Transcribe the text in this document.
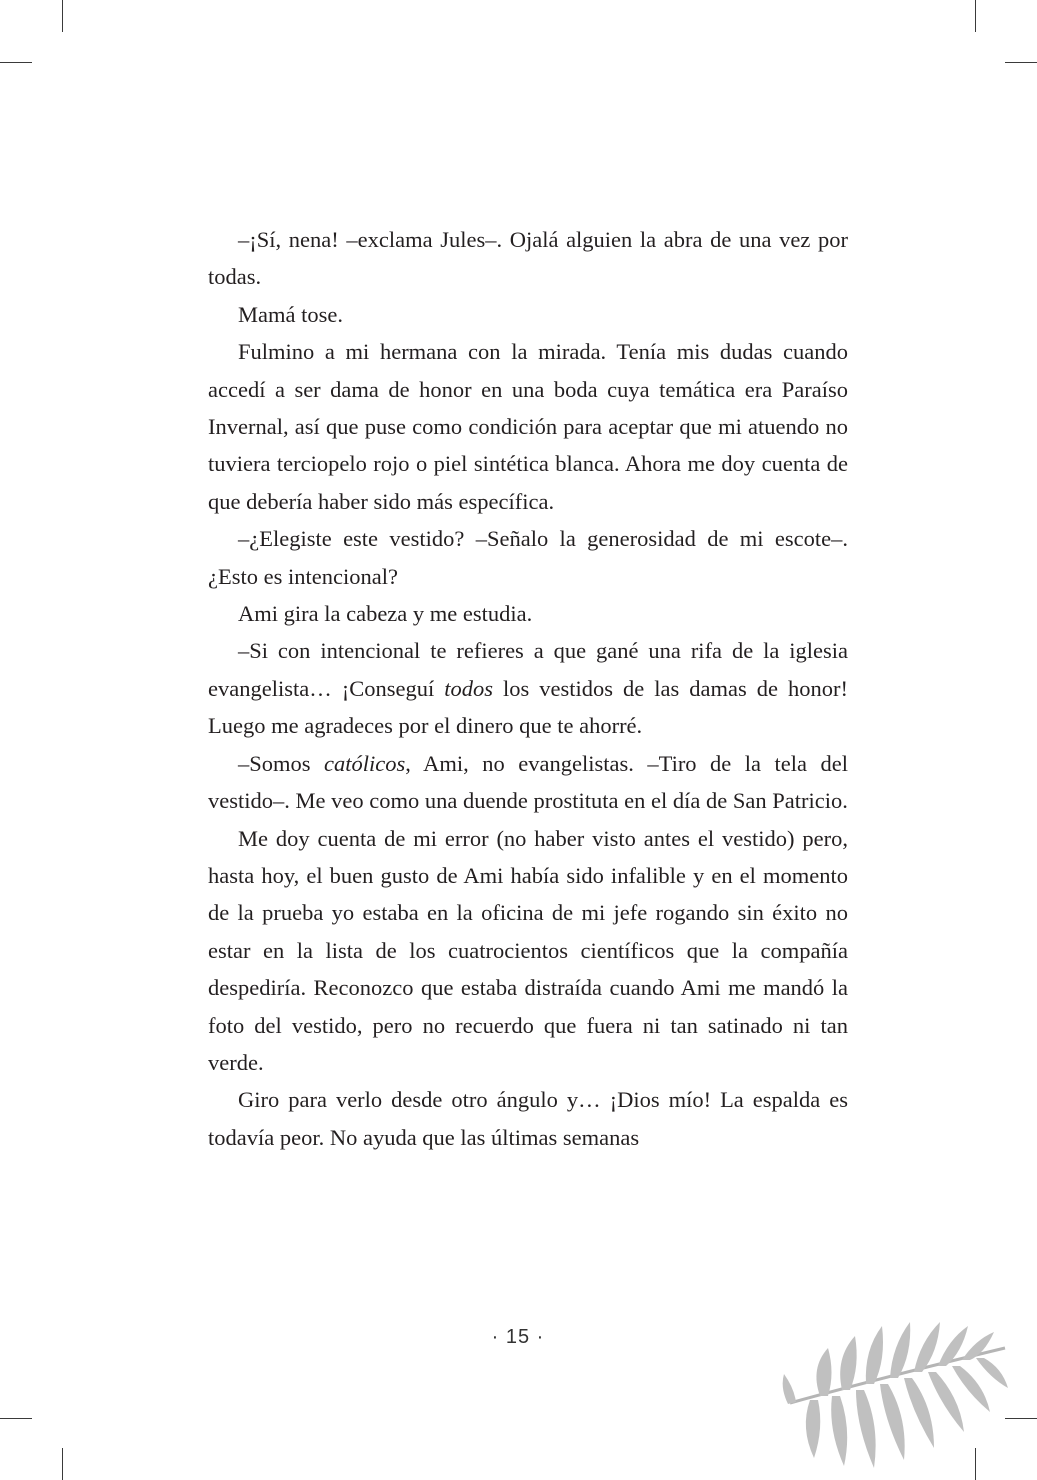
–¡Sí, nena! –exclama Jules–. Ojalá alguien la abra de una vez por todas.

Mamá tose.

Fulmino a mi hermana con la mirada. Tenía mis dudas cuando accedí a ser dama de honor en una boda cuya temática era Paraíso Invernal, así que puse como condición para aceptar que mi atuendo no tuviera terciopelo rojo o piel sintética blanca. Ahora me doy cuenta de que debería haber sido más específica.

–¿Elegiste este vestido? –Señalo la generosidad de mi escote–. ¿Esto es intencional?

Ami gira la cabeza y me estudia.

–Si con intencional te refieres a que gané una rifa de la iglesia evangelista… ¡Conseguí todos los vestidos de las damas de honor! Luego me agradeces por el dinero que te ahorré.

–Somos católicos, Ami, no evangelistas. –Tiro de la tela del vestido–. Me veo como una duende prostituta en el día de San Patricio.

Me doy cuenta de mi error (no haber visto antes el vestido) pero, hasta hoy, el buen gusto de Ami había sido infalible y en el momento de la prueba yo estaba en la oficina de mi jefe rogando sin éxito no estar en la lista de los cuatrocientos científicos que la compañía despediría. Reconozco que estaba distraída cuando Ami me mandó la foto del vestido, pero no recuerdo que fuera ni tan satinado ni tan verde.

Giro para verlo desde otro ángulo y… ¡Dios mío! La espalda es todavía peor. No ayuda que las últimas semanas

· 15 ·
